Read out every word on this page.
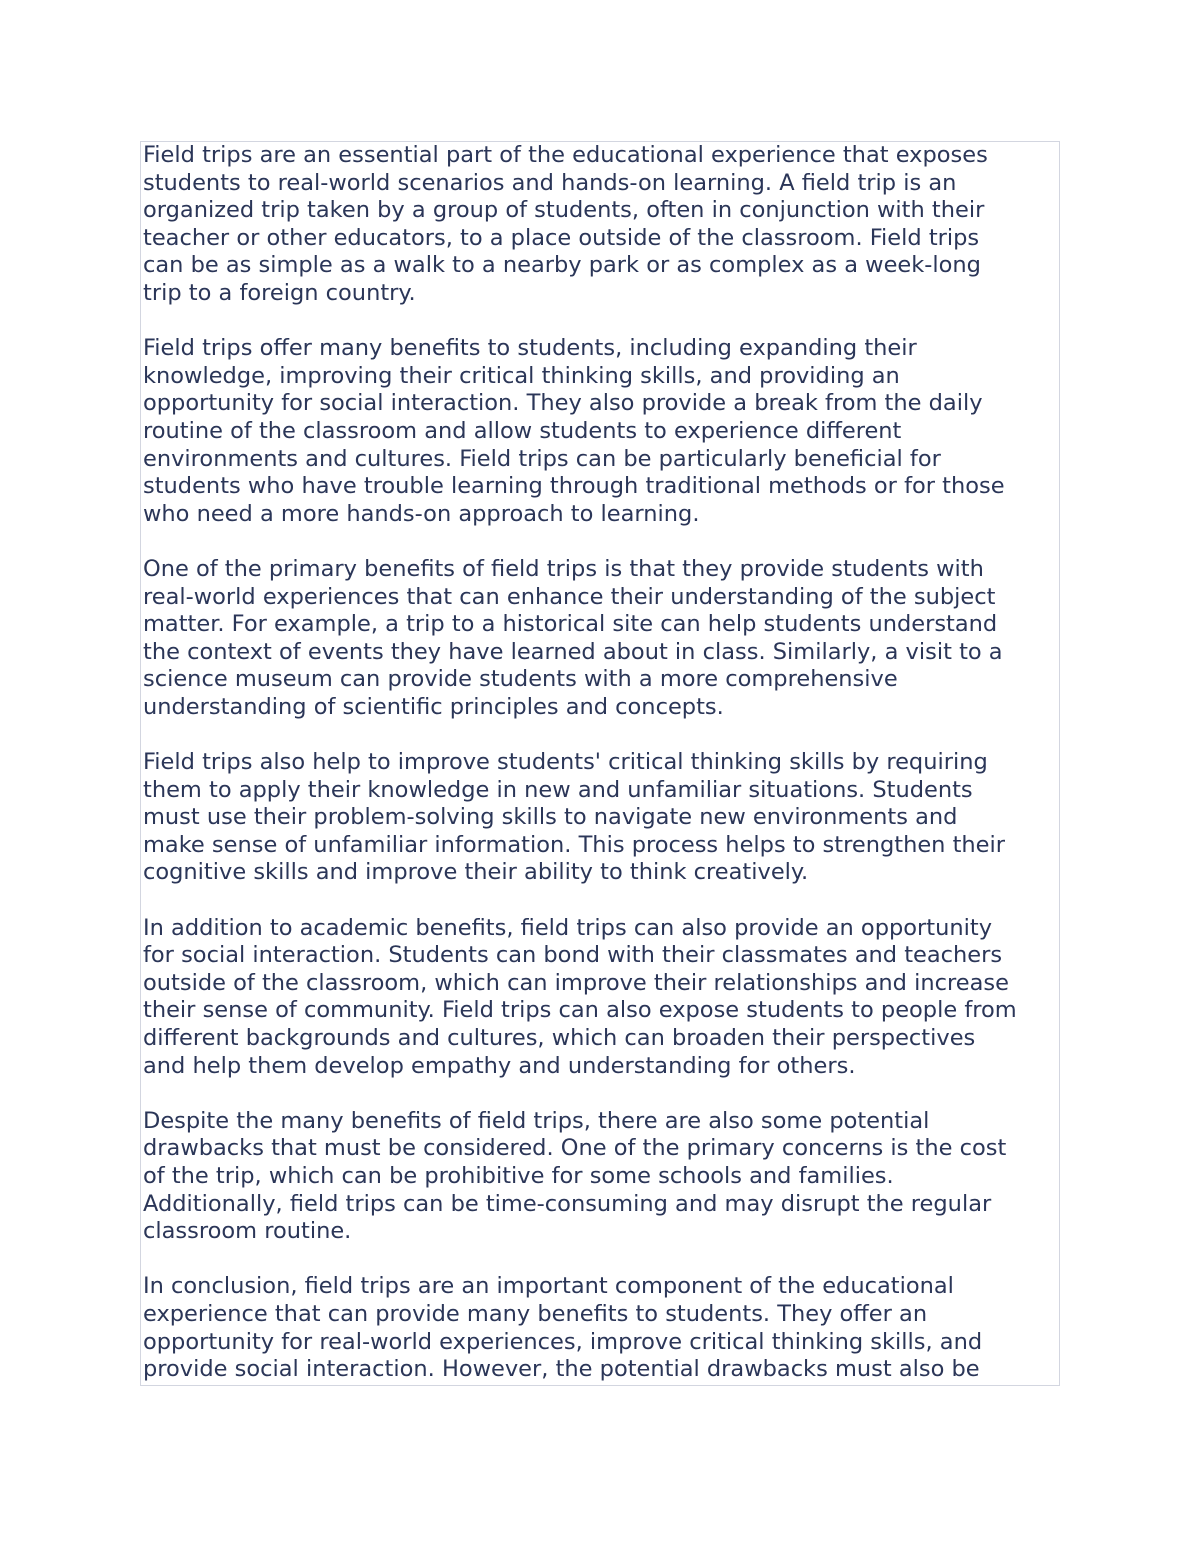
Field trips are an essential part of the educational experience that exposes
students to real-world scenarios and hands-on learning. A field trip is an
organized trip taken by a group of students, often in conjunction with their
teacher or other educators, to a place outside of the classroom. Field trips
can be as simple as a walk to a nearby park or as complex as a week-long
trip to a foreign country.

Field trips offer many benefits to students, including expanding their
knowledge, improving their critical thinking skills, and providing an
opportunity for social interaction. They also provide a break from the daily
routine of the classroom and allow students to experience different
environments and cultures. Field trips can be particularly beneficial for
students who have trouble learning through traditional methods or for those
who need a more hands-on approach to learning.

One of the primary benefits of field trips is that they provide students with
real-world experiences that can enhance their understanding of the subject
matter. For example, a trip to a historical site can help students understand
the context of events they have learned about in class. Similarly, a visit to a
science museum can provide students with a more comprehensive
understanding of scientific principles and concepts.

Field trips also help to improve students' critical thinking skills by requiring
them to apply their knowledge in new and unfamiliar situations. Students
must use their problem-solving skills to navigate new environments and
make sense of unfamiliar information. This process helps to strengthen their
cognitive skills and improve their ability to think creatively.

In addition to academic benefits, field trips can also provide an opportunity
for social interaction. Students can bond with their classmates and teachers
outside of the classroom, which can improve their relationships and increase
their sense of community. Field trips can also expose students to people from
different backgrounds and cultures, which can broaden their perspectives
and help them develop empathy and understanding for others.

Despite the many benefits of field trips, there are also some potential
drawbacks that must be considered. One of the primary concerns is the cost
of the trip, which can be prohibitive for some schools and families.
Additionally, field trips can be time-consuming and may disrupt the regular
classroom routine.

In conclusion, field trips are an important component of the educational
experience that can provide many benefits to students. They offer an
opportunity for real-world experiences, improve critical thinking skills, and
provide social interaction. However, the potential drawbacks must also be
